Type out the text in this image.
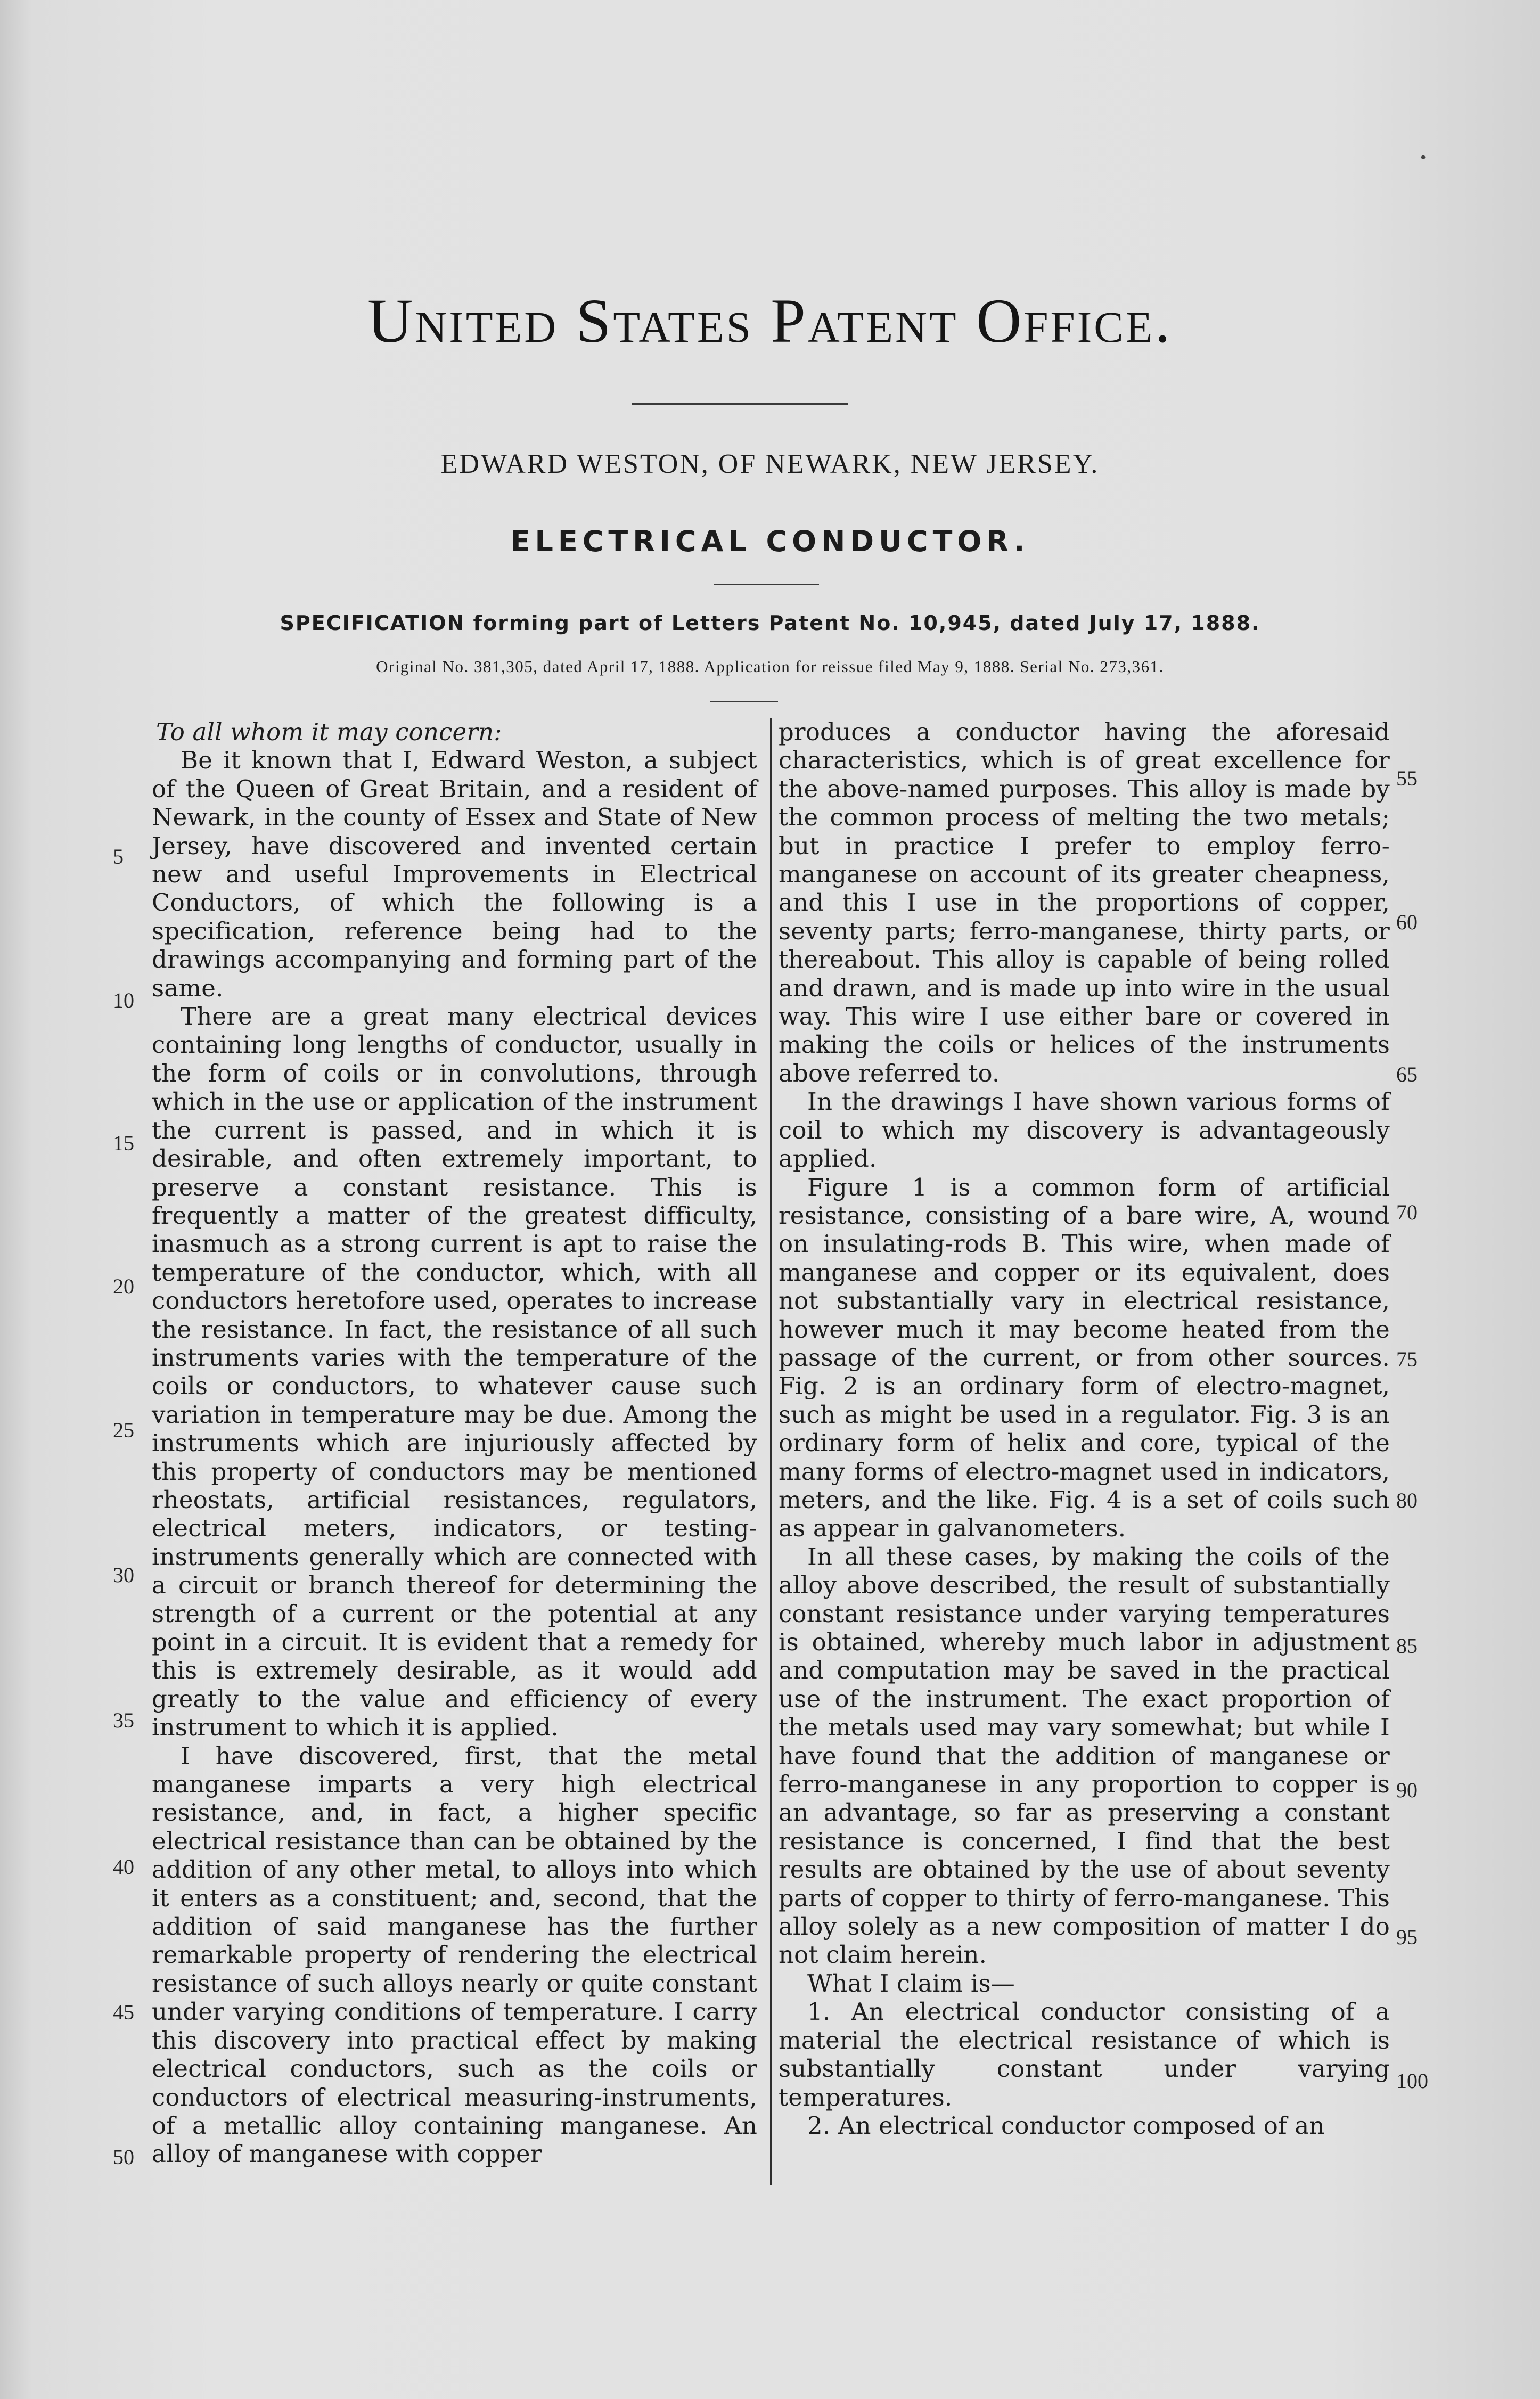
United States Patent Office.
EDWARD WESTON, OF NEWARK, NEW JERSEY.
ELECTRICAL CONDUCTOR.
SPECIFICATION forming part of Letters Patent No. 10,945, dated July 17, 1888.
Original No. 381,305, dated April 17, 1888. Application for reissue filed May 9, 1888. Serial No. 273,361.

To all whom it may concern:

Be it known that I, Edward Weston, a subject of the Queen of Great Britain, and a resident of Newark, in the county of Essex and State of New Jersey, have discovered and invented certain new and useful Improvements in Electrical Conductors, of which the following is a specification, reference being had to the drawings accompanying and forming part of the same.

There are a great many electrical devices containing long lengths of conductor, usually in the form of coils or in convolutions, through which in the use or application of the instrument the current is passed, and in which it is desirable, and often extremely important, to preserve a constant resistance. This is frequently a matter of the greatest difficulty, inasmuch as a strong current is apt to raise the temperature of the conductor, which, with all conductors heretofore used, operates to increase the resistance. In fact, the resistance of all such instruments varies with the temperature of the coils or conductors, to whatever cause such variation in temperature may be due. Among the instruments which are injuriously affected by this property of conductors may be mentioned rheostats, artificial resistances, regulators, electrical meters, indicators, or testing-instruments generally which are connected with a circuit or branch thereof for determining the strength of a current or the potential at any point in a circuit. It is evident that a remedy for this is extremely desirable, as it would add greatly to the value and efficiency of every instrument to which it is applied.

I have discovered, first, that the metal manganese imparts a very high electrical resistance, and, in fact, a higher specific electrical resistance than can be obtained by the addition of any other metal, to alloys into which it enters as a constituent; and, second, that the addition of said manganese has the further remarkable property of rendering the electrical resistance of such alloys nearly or quite constant under varying conditions of temperature. I carry this discovery into practical effect by making electrical conductors, such as the coils or conductors of electrical measuring-instruments, of a metallic alloy containing manganese. An alloy of manganese with copper

produces a conductor having the aforesaid characteristics, which is of great excellence for the above-named purposes. This alloy is made by the common process of melting the two metals; but in practice I prefer to employ ferro-manganese on account of its greater cheapness, and this I use in the proportions of copper, seventy parts; ferro-manganese, thirty parts, or thereabout. This alloy is capable of being rolled and drawn, and is made up into wire in the usual way. This wire I use either bare or covered in making the coils or helices of the instruments above referred to.

In the drawings I have shown various forms of coil to which my discovery is advantageously applied.

Figure 1 is a common form of artificial resistance, consisting of a bare wire, A, wound on insulating-rods B. This wire, when made of manganese and copper or its equivalent, does not substantially vary in electrical resistance, however much it may become heated from the passage of the current, or from other sources. Fig. 2 is an ordinary form of electro-magnet, such as might be used in a regulator. Fig. 3 is an ordinary form of helix and core, typical of the many forms of electro-magnet used in indicators, meters, and the like. Fig. 4 is a set of coils such as appear in galvanometers.

In all these cases, by making the coils of the alloy above described, the result of substantially constant resistance under varying temperatures is obtained, whereby much labor in adjustment and computation may be saved in the practical use of the instrument. The exact proportion of the metals used may vary somewhat; but while I have found that the addition of manganese or ferro-manganese in any proportion to copper is an advantage, so far as preserving a constant resistance is concerned, I find that the best results are obtained by the use of about seventy parts of copper to thirty of ferro-manganese. This alloy solely as a new composition of matter I do not claim herein.

What I claim is—

1. An electrical conductor consisting of a material the electrical resistance of which is substantially constant under varying temperatures.

2. An electrical conductor composed of an

5
10
15
20
25
30
35
40
45
50
55
60
65
70
75
80
85
90
95
100
•
